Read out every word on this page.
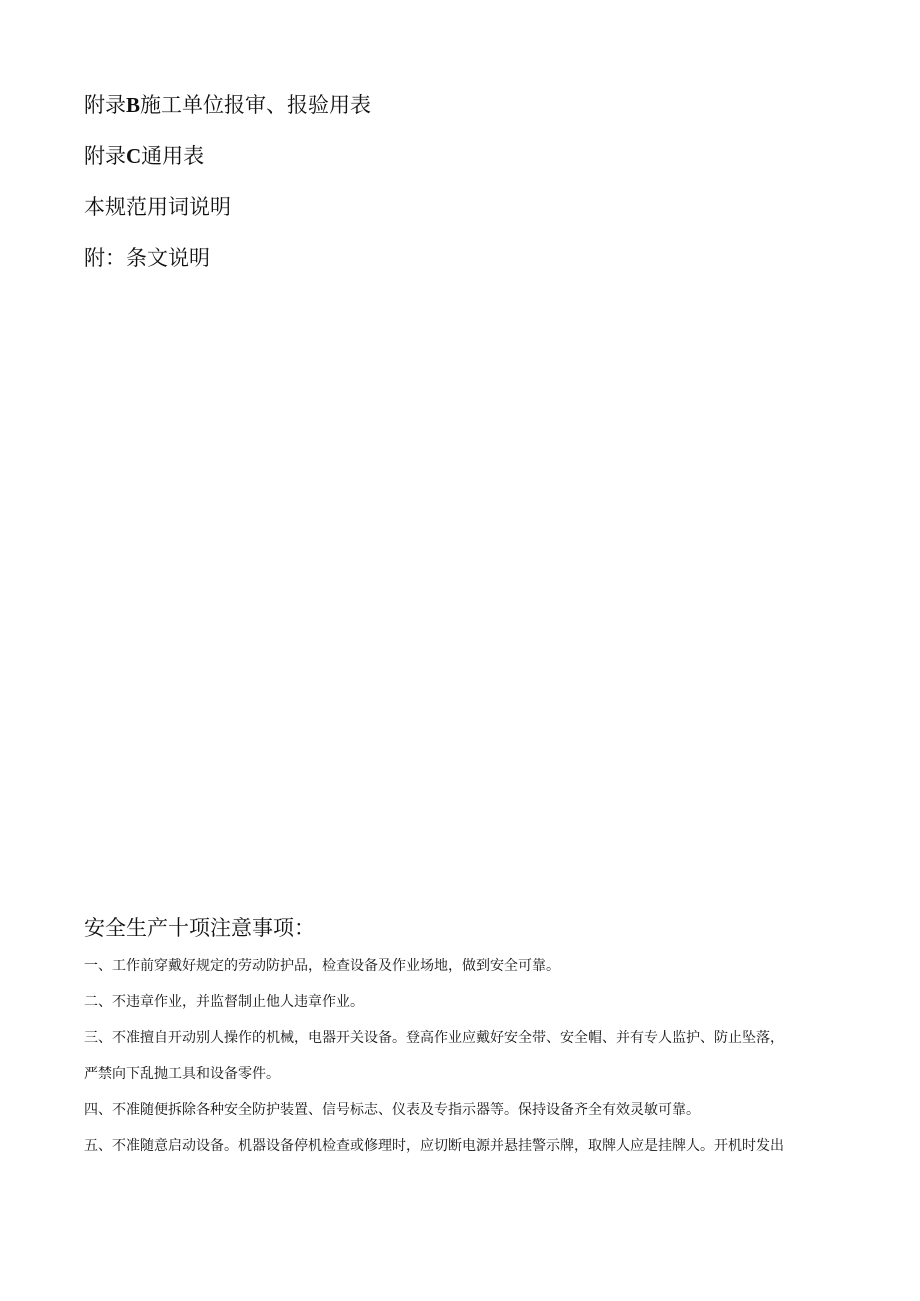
附录B施工单位报审、报验用表
附录C通用表
本规范用词说明
附：条文说明
安全生产十项注意事项：
一、工作前穿戴好规定的劳动防护品，检查设备及作业场地，做到安全可靠。
二、不违章作业，并监督制止他人违章作业。
三、不准擅自开动别人操作的机械，电器开关设备。登高作业应戴好安全带、安全帽、并有专人监护、防止坠落，
严禁向下乱抛工具和设备零件。
四、不准随便拆除各种安全防护装置、信号标志、仪表及专指示器等。保持设备齐全有效灵敏可靠。
五、不准随意启动设备。机器设备停机检查或修理时，应切断电源并悬挂警示牌，取牌人应是挂牌人。开机时发出
